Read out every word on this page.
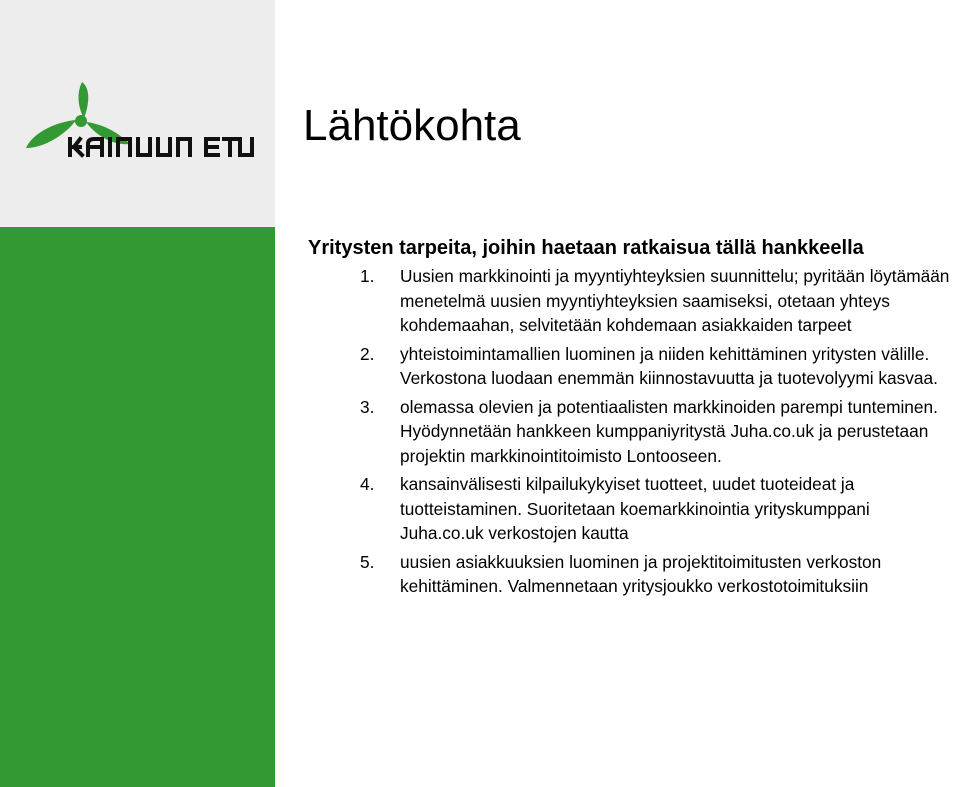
Lähtökohta

Yritysten tarpeita, joihin haetaan ratkaisua tällä hankkeella

1. Uusien markkinointi ja myyntiyhteyksien suunnittelu; pyritään löytämään menetelmä uusien myyntiyhteyksien saamiseksi, otetaan yhteys kohdemaahan, selvitetään kohdemaan asiakkaiden tarpeet
2. yhteistoimintamallien luominen ja niiden kehittäminen yritysten välille. Verkostona luodaan enemmän kiinnostavuutta ja tuotevolyymi kasvaa.
3. olemassa olevien ja potentiaalisten markkinoiden parempi tunteminen. Hyödynnetään hankkeen kumppaniyritystä Juha.co.uk ja perustetaan projektin markkinointitoimisto Lontooseen.
4. kansainvälisesti kilpailukykyiset tuotteet, uudet tuoteideat ja tuotteistaminen. Suoritetaan koemarkkinointia yrityskumppani Juha.co.uk verkostojen kautta
5. uusien asiakkuuksien luominen ja projektitoimitusten verkoston kehittäminen. Valmennetaan yritysjoukko verkostotoimituksiin
